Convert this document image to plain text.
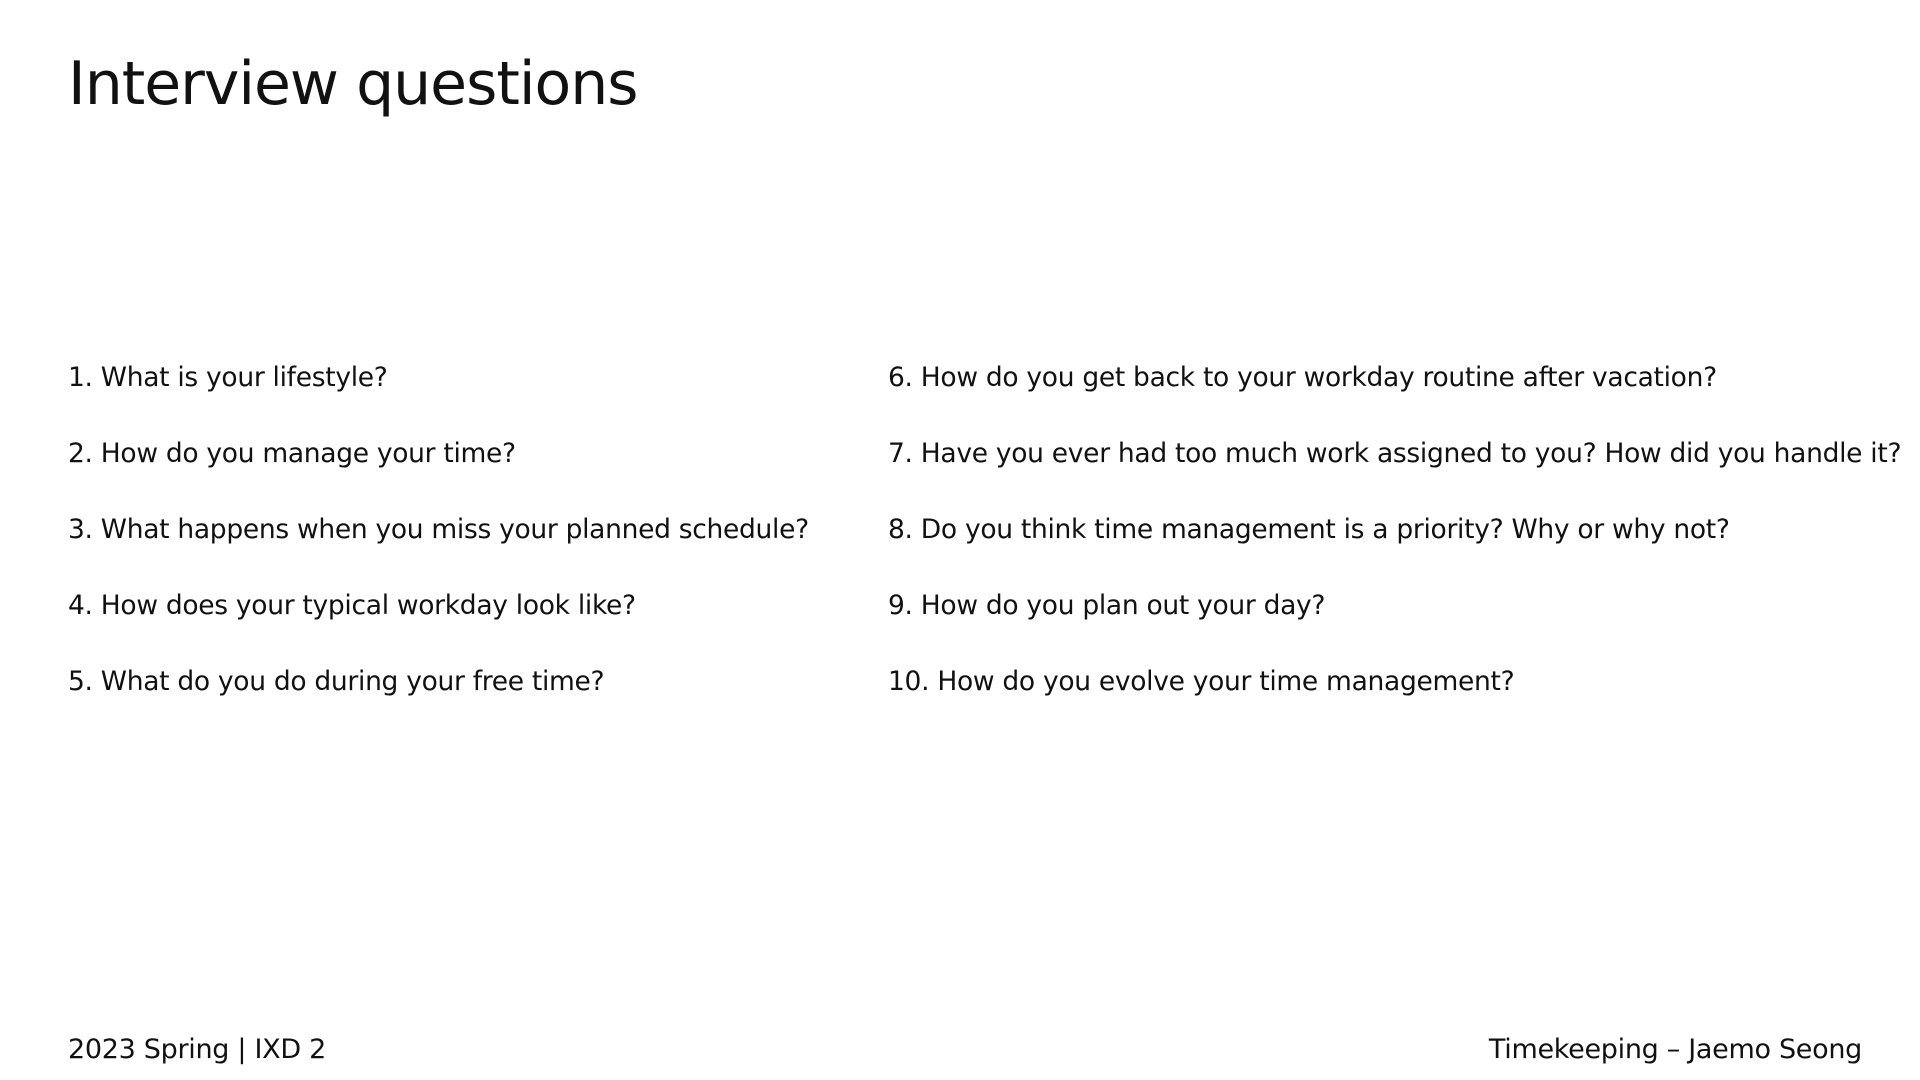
Interview questions
1. What is your lifestyle?
2. How do you manage your time?
3. What happens when you miss your planned schedule?
4. How does your typical workday look like?
5. What do you do during your free time?
6. How do you get back to your workday routine after vacation?
7. Have you ever had too much work assigned to you? How did you handle it?
8. Do you think time management is a priority? Why or why not?
9. How do you plan out your day?
10. How do you evolve your time management?
2023 Spring | IXD 2	Timekeeping – Jaemo Seong
